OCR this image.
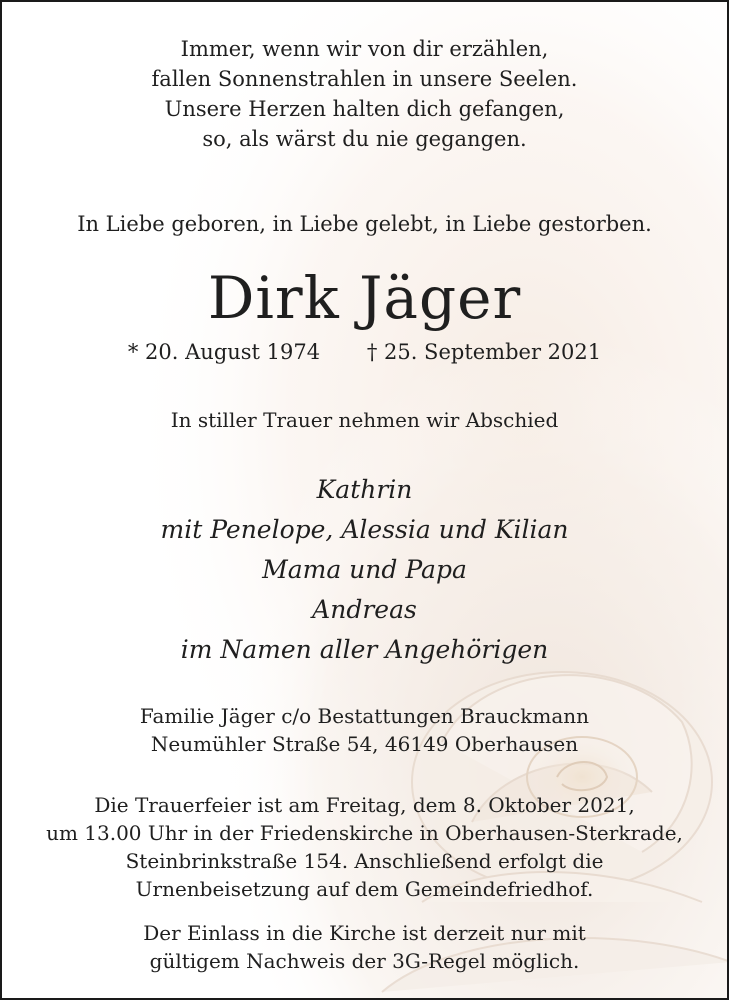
Immer, wenn wir von dir erzählen,
fallen Sonnenstrahlen in unsere Seelen.
Unsere Herzen halten dich gefangen,
so, als wärst du nie gegangen.
In Liebe geboren, in Liebe gelebt, in Liebe gestorben.
Dirk Jäger
* 20. August 1974 † 25. September 2021
In stiller Trauer nehmen wir Abschied
Kathrin
mit Penelope, Alessia und Kilian
Mama und Papa
Andreas
im Namen aller Angehörigen
Familie Jäger c/o Bestattungen Brauckmann
Neumühler Straße 54, 46149 Oberhausen
Die Trauerfeier ist am Freitag, dem 8. Oktober 2021,
um 13.00 Uhr in der Friedenskirche in Oberhausen-Sterkrade,
Steinbrinkstraße 154. Anschließend erfolgt die
Urnenbeisetzung auf dem Gemeindefriedhof.
Der Einlass in die Kirche ist derzeit nur mit
gültigem Nachweis der 3G-Regel möglich.
